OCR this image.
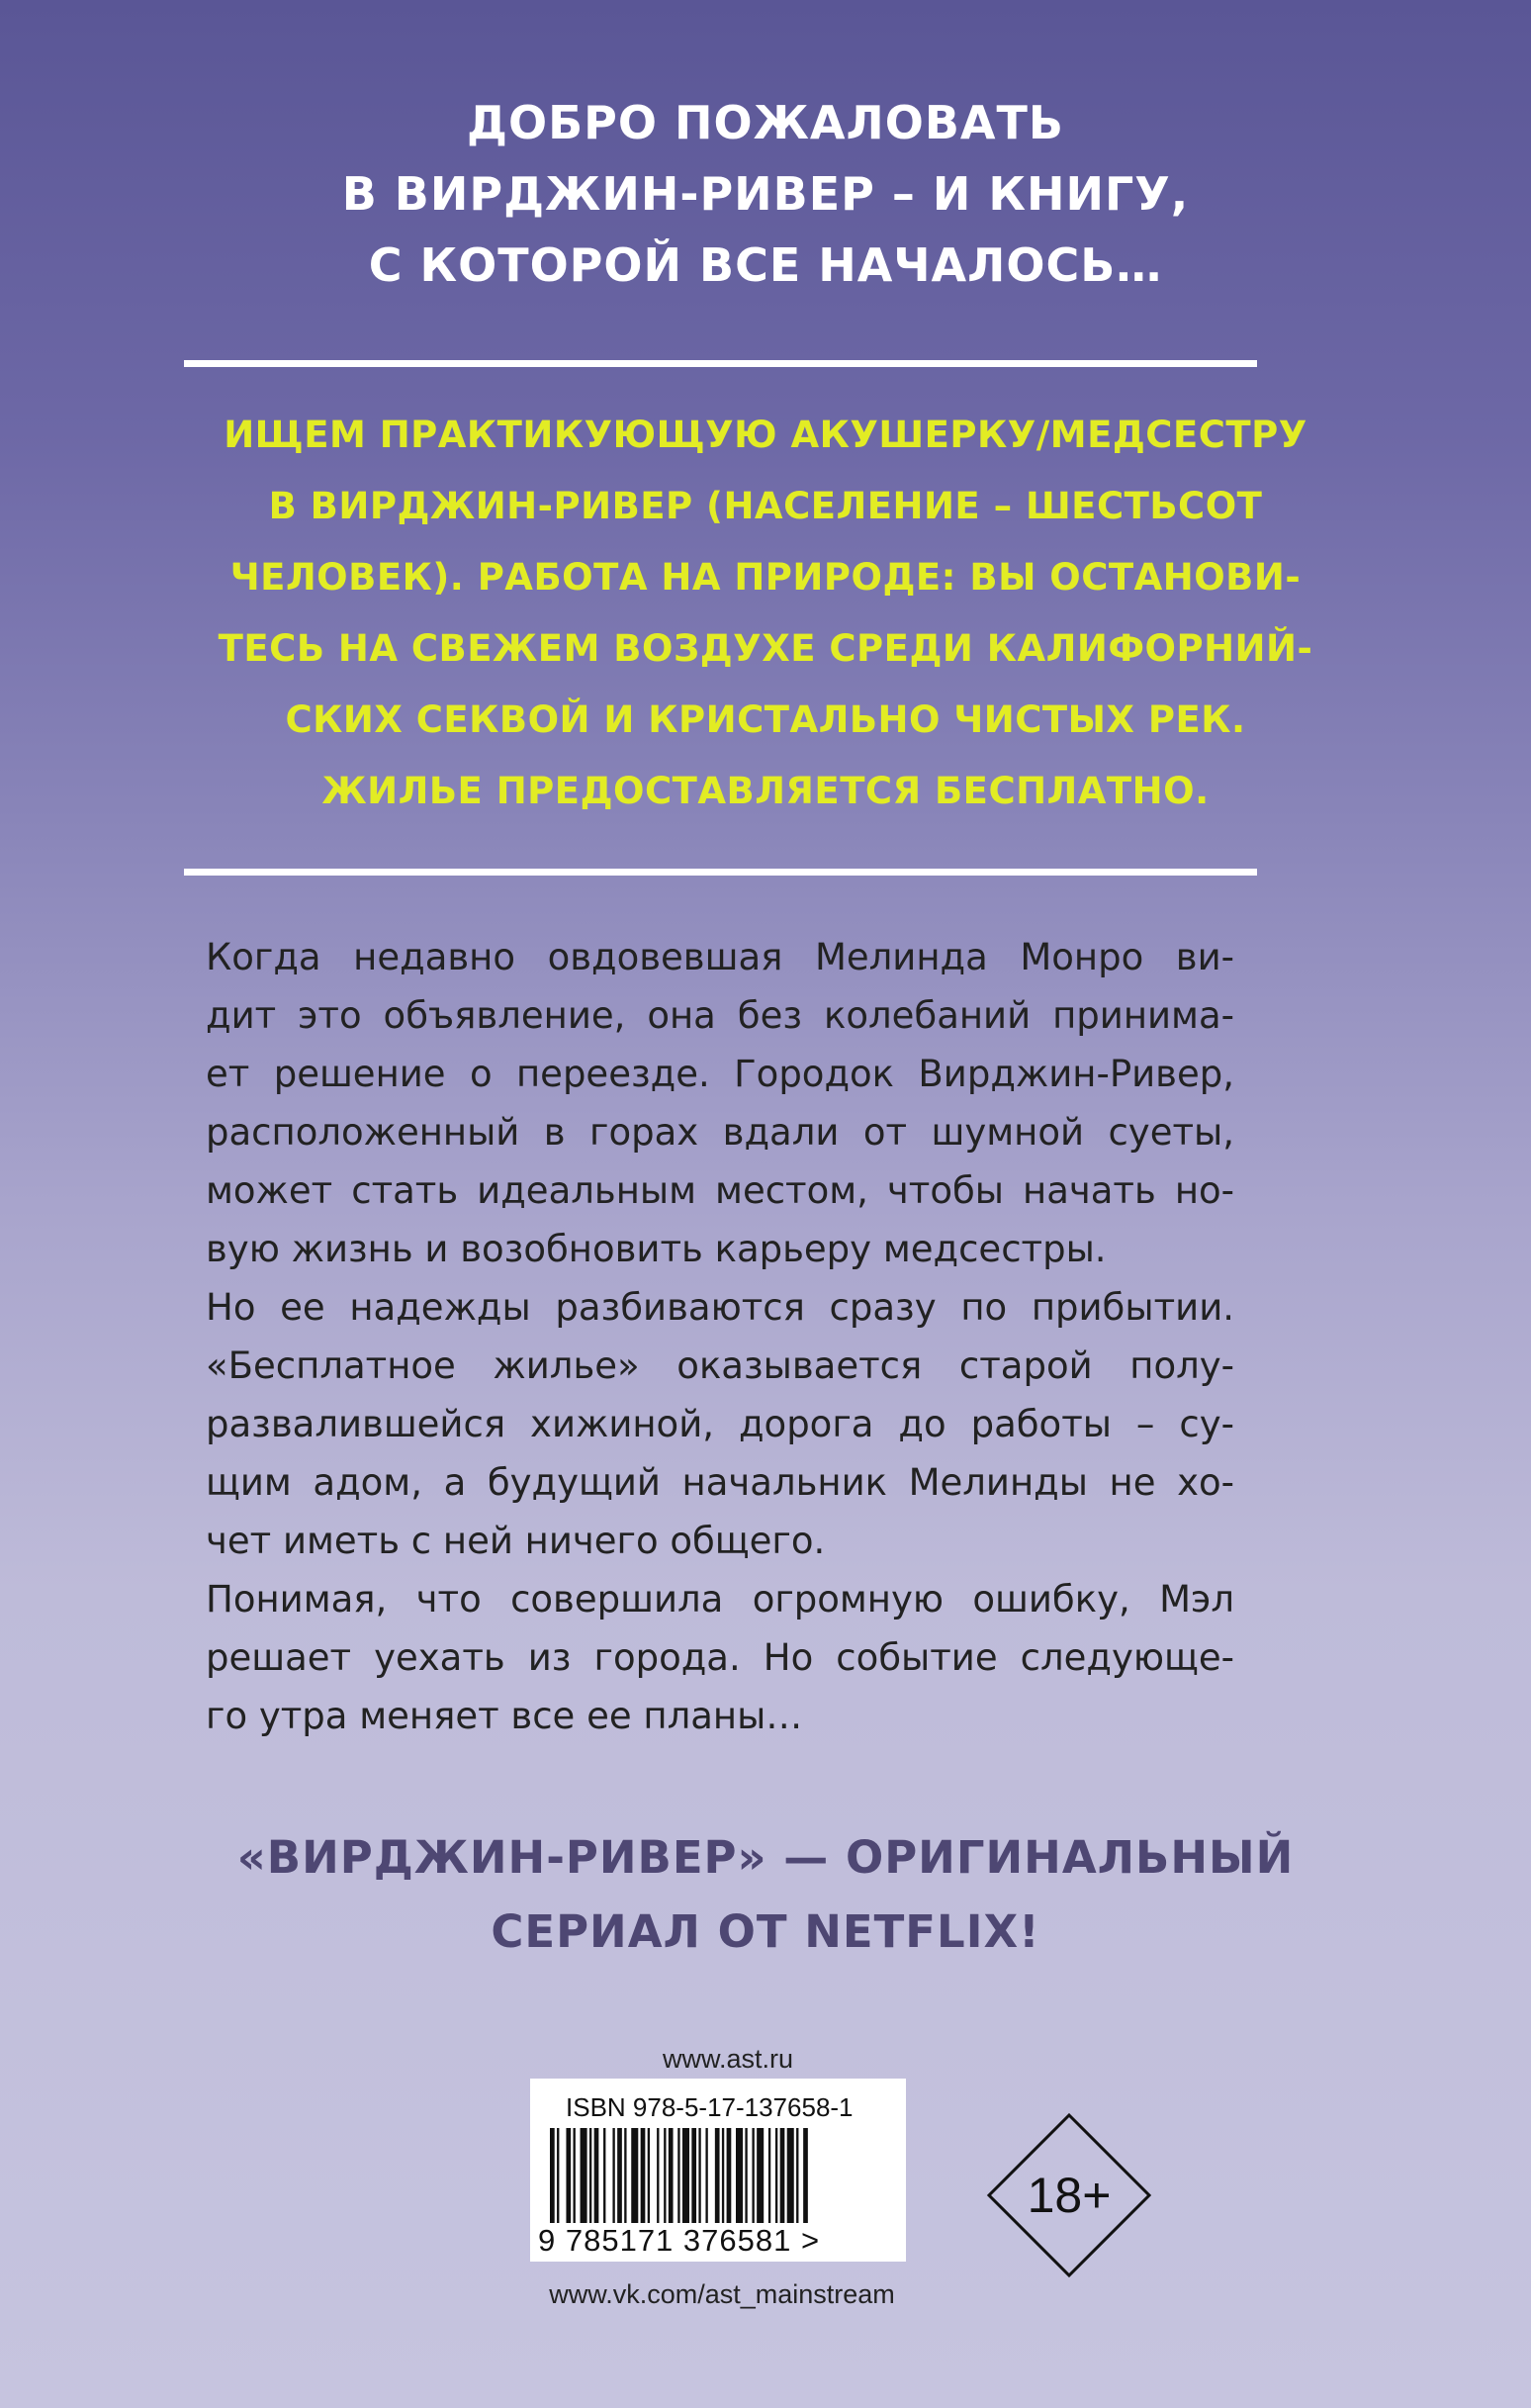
ДОБРО ПОЖАЛОВАТЬ
В ВИРДЖИН-РИВЕР – И КНИГУ,
С КОТОРОЙ ВСЕ НАЧАЛОСЬ…
ИЩЕМ ПРАКТИКУЮЩУЮ АКУШЕРКУ/МЕДСЕСТРУ
В ВИРДЖИН-РИВЕР (НАСЕЛЕНИЕ – ШЕСТЬСОТ
ЧЕЛОВЕК). РАБОТА НА ПРИРОДЕ: ВЫ ОСТАНОВИ-
ТЕСЬ НА СВЕЖЕМ ВОЗДУХЕ СРЕДИ КАЛИФОРНИЙ-
СКИХ СЕКВОЙ И КРИСТАЛЬНО ЧИСТЫХ РЕК.
ЖИЛЬЕ ПРЕДОСТАВЛЯЕТСЯ БЕСПЛАТНО.
Когда недавно овдовевшая Мелинда Монро ви-
дит это объявление, она без колебаний принима-
ет решение о переезде. Городок Вирджин-Ривер,
расположенный в горах вдали от шумной суеты,
может стать идеальным местом, чтобы начать но-
вую жизнь и возобновить карьеру медсестры.
Но ее надежды разбиваются сразу по прибытии.
«Бесплатное жилье» оказывается старой полу-
развалившейся хижиной, дорога до работы – су-
щим адом, а будущий начальник Мелинды не хо-
чет иметь с ней ничего общего.
Понимая, что совершила огромную ошибку, Мэл
решает уехать из города. Но событие следующе-
го утра меняет все ее планы…
«ВИРДЖИН-РИВЕР» — ОРИГИНАЛЬНЫЙ
СЕРИАЛ ОТ NETFLIX!
www.ast.ru
ISBN 978-5-17-137658-1
9 785171 376581 >
www.vk.com/ast_mainstream
18+
